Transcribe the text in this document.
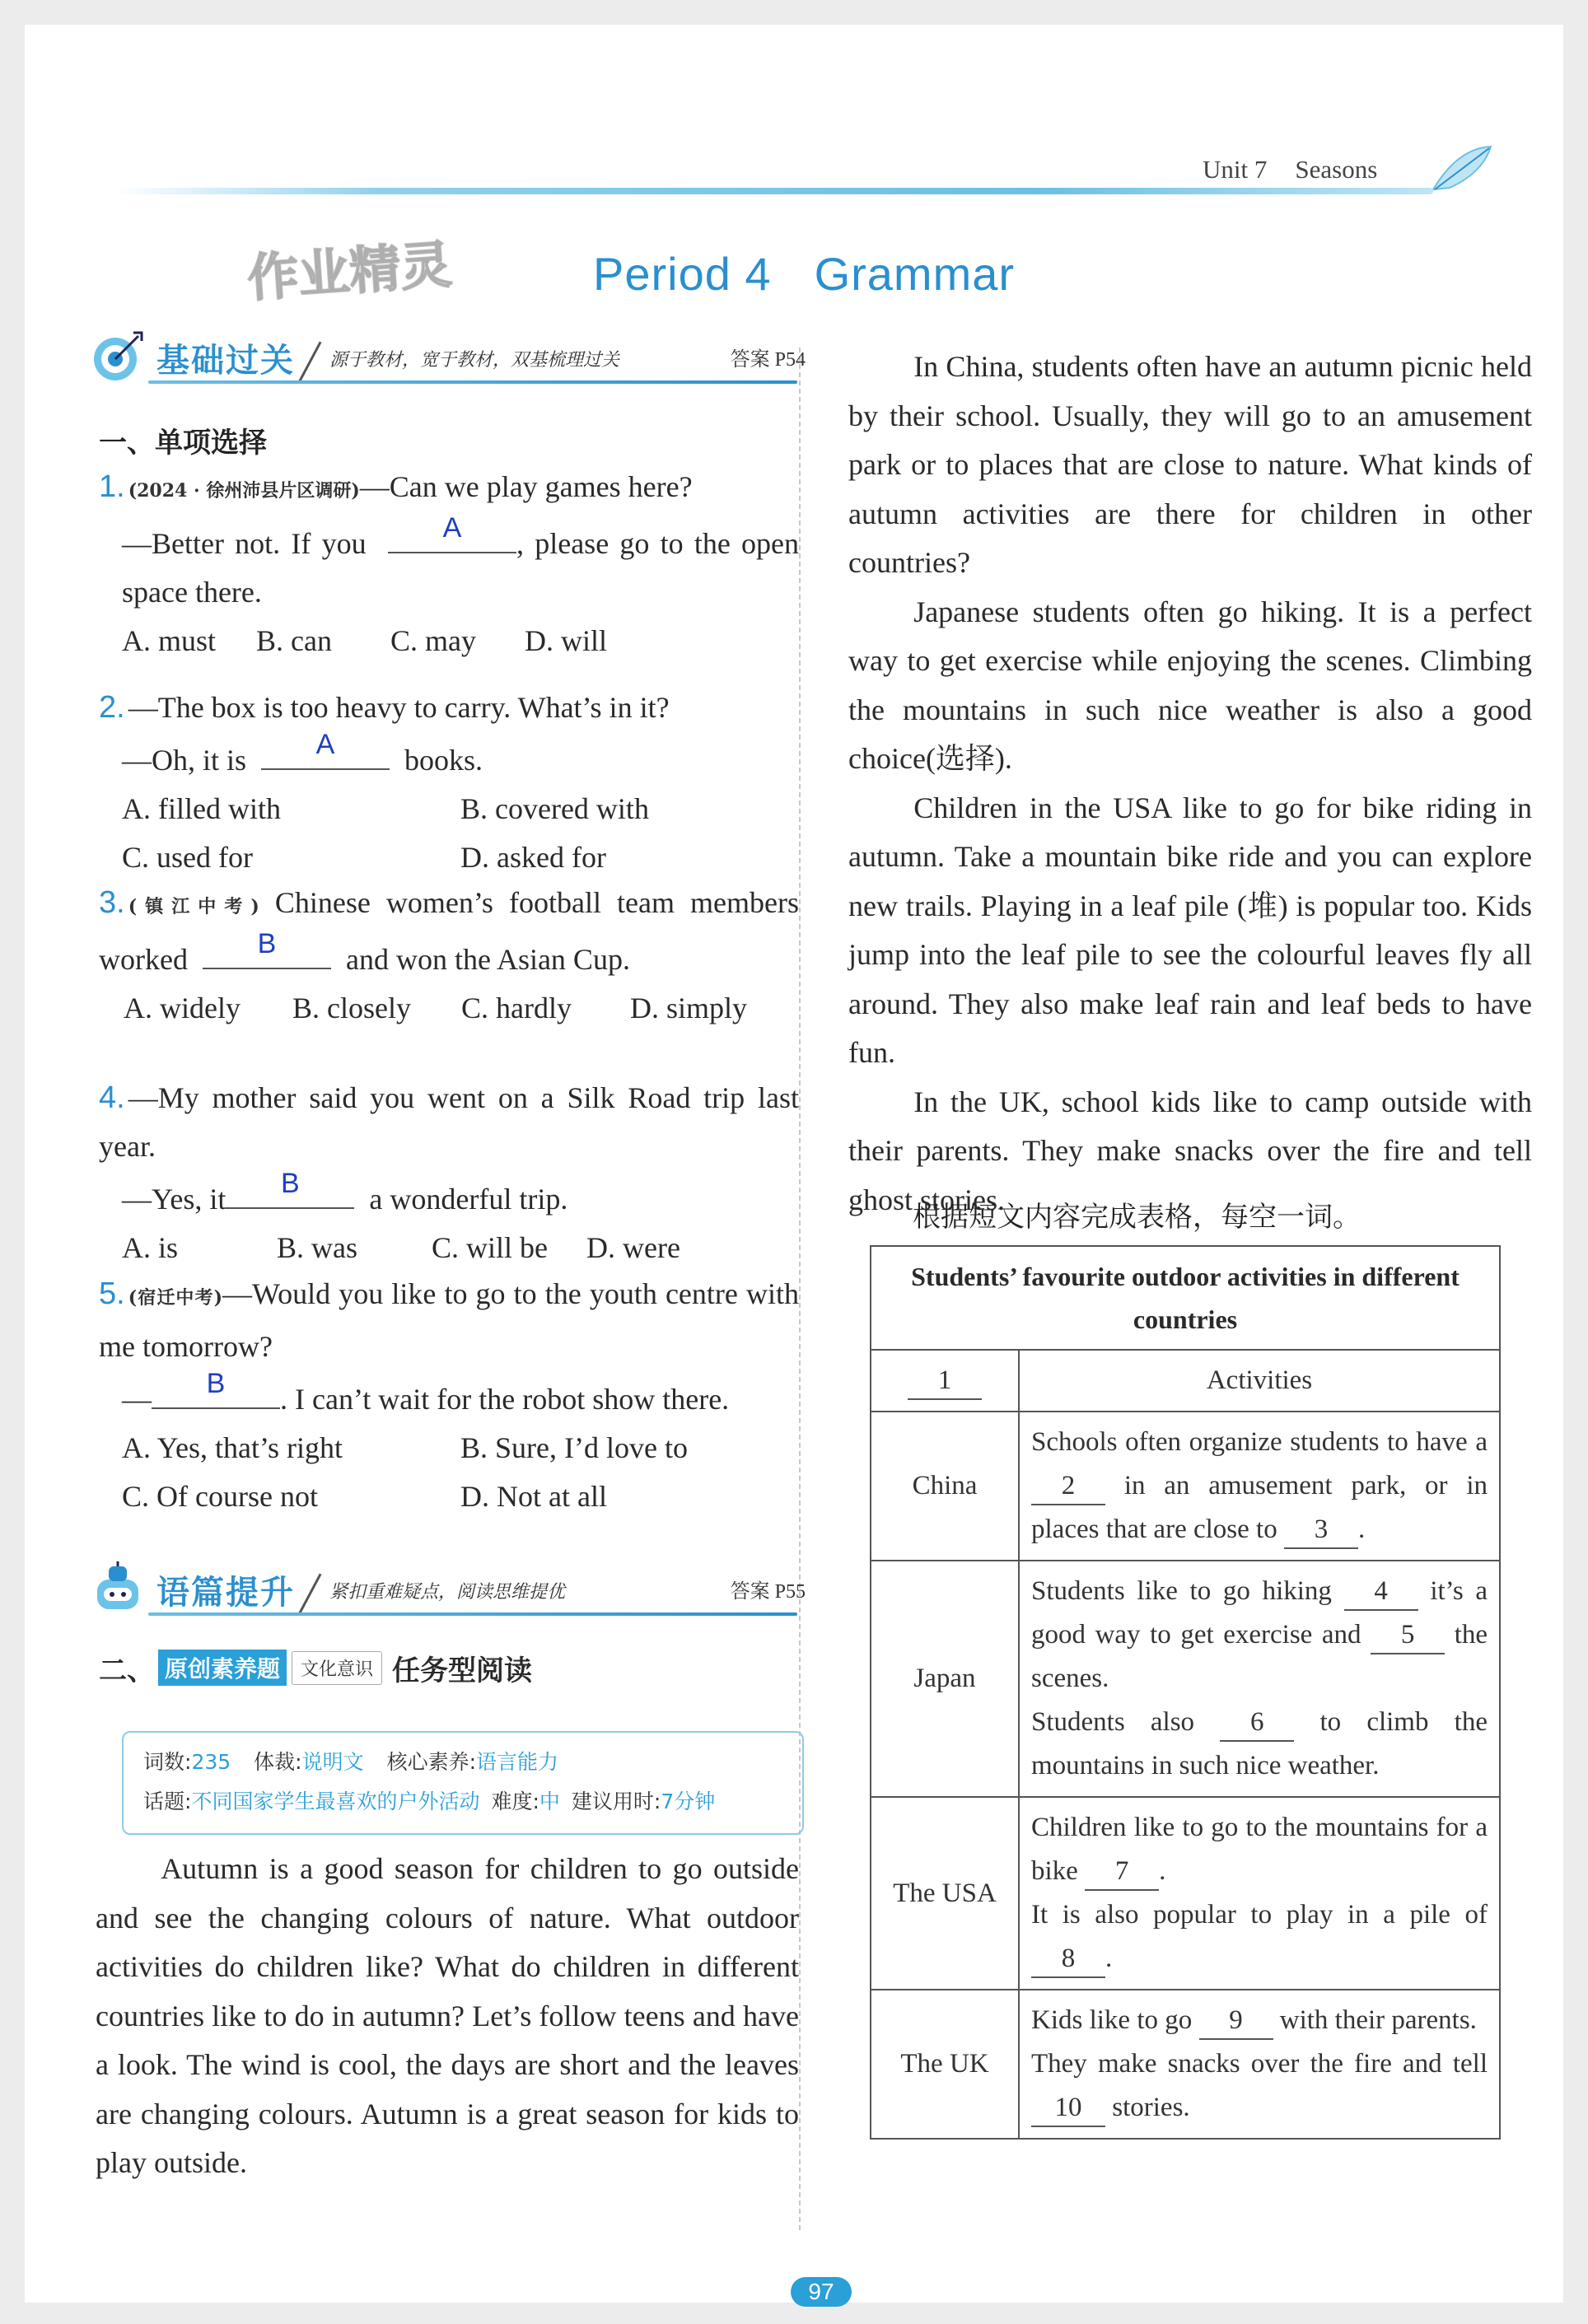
Unit 7 Seasons
作业精灵	Period 4 Grammar
基础过关 源于教材，宽于教材，双基梳理过关	答案 P54
一、单项选择
1. (2024 · 徐州沛县片区调研)—Can we play games here?
—Better not. If you	A	, please go to the open space there.
A. must	B. can	C. may	D. will
2. —The box is too heavy to carry. What’s in it?
—Oh, it is	A	books.
A. filled with	B. covered with
C. used for	D. asked for
3. (镇江中考) Chinese women’s football team members worked	B	and won the Asian Cup.
A. widely	B. closely	C. hardly	D. simply
4. —My mother said you went on a Silk Road trip last year.
—Yes, it	B	a wonderful trip.
A. is	B. was	C. will be	D. were
5. (宿迁中考)—Would you like to go to the youth centre with me tomorrow?
—	B	. I can’t wait for the robot show there.
A. Yes, that’s right	B. Sure, I’d love to
C. Of course not	D. Not at all
语篇提升 紧扣重难疑点，阅读思维提优	答案 P55
二、 原创素养题	文化意识 任务型阅读
词数:235 体裁:说明文 核心素养:语言能力
话题:不同国家学生最喜欢的户外活动 难度:中 建议用时:7分钟

Autumn is a good season for children to go outside and see the changing colours of nature. What outdoor activities do children like? What do children in different countries like to do in autumn? Let’s follow teens and have a look. The wind is cool, the days are short and the leaves are changing colours. Autumn is a great season for kids to play outside.

In China, students often have an autumn picnic held by their school. Usually, they will go to an amusement park or to places that are close to nature. What kinds of autumn activities are there for children in other countries?

Japanese students often go hiking. It is a perfect way to get exercise while enjoying the scenes. Climbing the mountains in such nice weather is also a good choice(选择).

Children in the USA like to go for bike riding in autumn. Take a mountain bike ride and you can explore new trails. Playing in a leaf pile (堆) is popular too. Kids jump into the leaf pile to see the colourful leaves fly all around. They also make leaf rain and leaf beds to have fun.

In the UK, school kids like to camp outside with their parents. They make snacks over the fire and tell ghost stories.

根据短文内容完成表格，每空一词。
Students’ favourite outdoor activities in different countries	
1	Activities
China	Schools often organize students to have a 2 in an amusement park, or in places that are close to 3 .
Japan	Students like to go hiking 4 it’s a good way to get exercise and 5 the scenes.
Students also 6 to climb the mountains in such nice weather.
The USA	Children like to go to the mountains for a bike 7 .
It is also popular to play in a pile of 8 .
The UK	Kids like to go 9 with their parents.
They make snacks over the fire and tell 10 stories.
97
